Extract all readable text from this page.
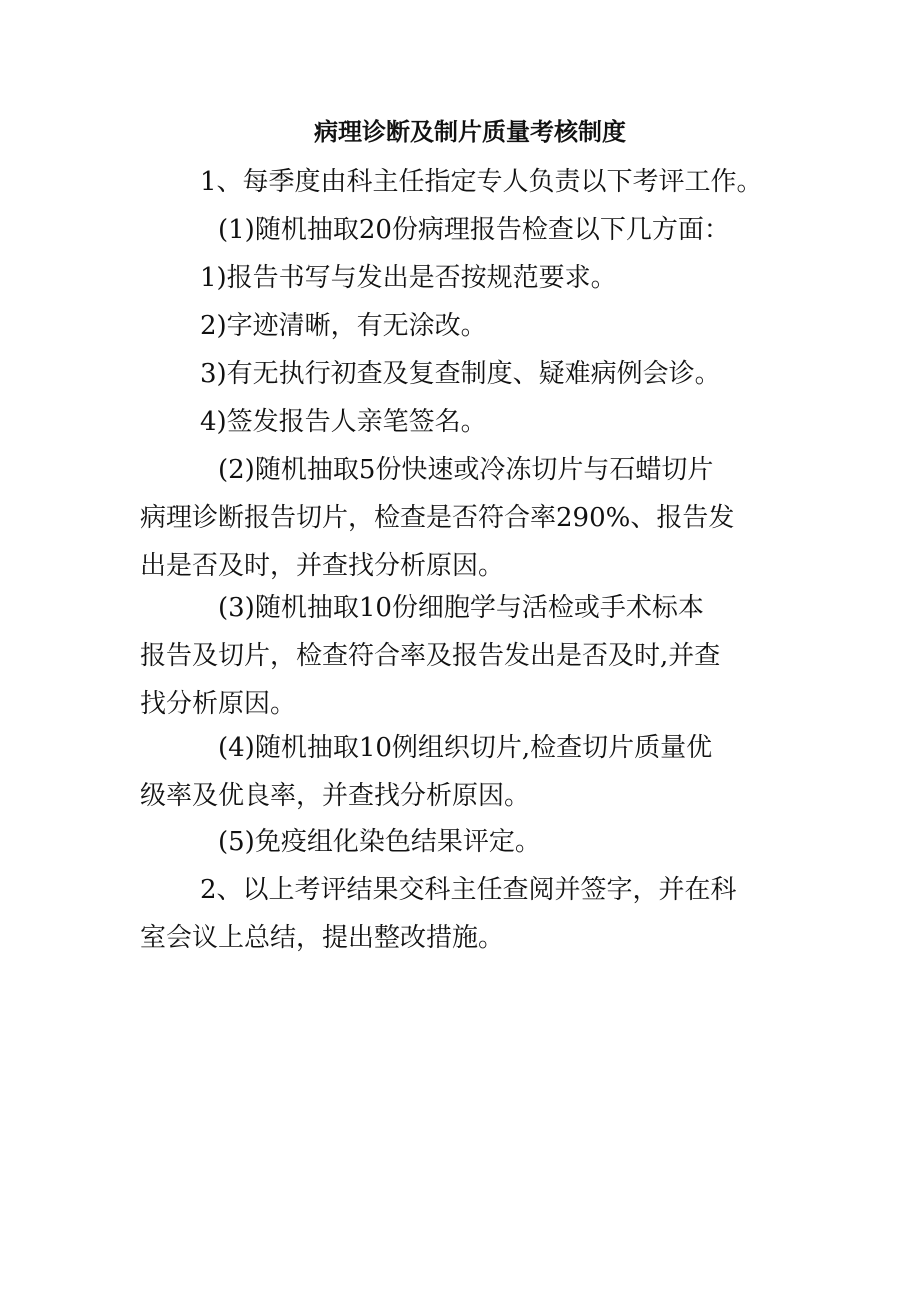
病理诊断及制片质量考核制度

1、每季度由科主任指定专人负责以下考评工作。

(1)随机抽取20份病理报告检查以下几方面：

1)报告书写与发出是否按规范要求。

2)字迹清晰，有无涂改。

3)有无执行初查及复查制度、疑难病例会诊。

4)签发报告人亲笔签名。

(2)随机抽取5份快速或冷冻切片与石蜡切片
病理诊断报告切片，检查是否符合率290%、报告发
出是否及时，并查找分析原因。
(3)随机抽取10份细胞学与活检或手术标本
报告及切片，检查符合率及报告发出是否及时,并查
找分析原因。
(4)随机抽取10例组织切片,检查切片质量优
级率及优良率，并查找分析原因。

(5)免疫组化染色结果评定。

2、以上考评结果交科主任查阅并签字，并在科
室会议上总结，提出整改措施。
